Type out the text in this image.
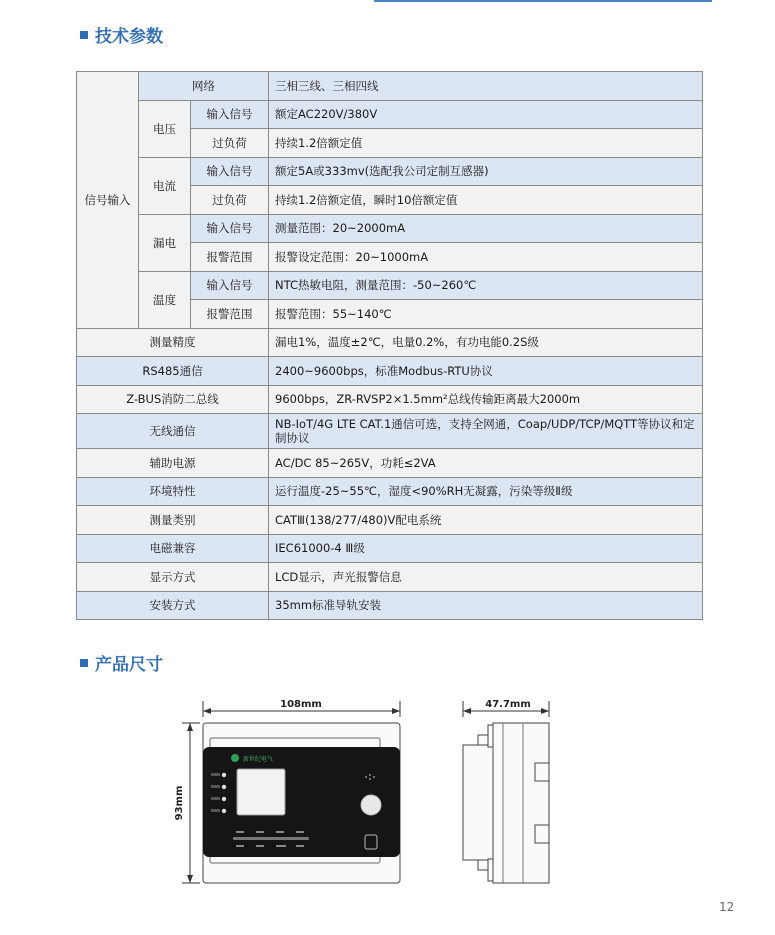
技术参数
信号输入	网络		三相三线、三相四线
	电压	输入信号	额定AC220V/380V
		过负荷	持续1.2倍额定值
	电流	输入信号	额定5A或333mv(选配我公司定制互感器)
		过负荷	持续1.2倍额定值，瞬时10倍额定值
	漏电	输入信号	测量范围：20~2000mA
		报警范围	报警设定范围：20~1000mA
	温度	输入信号	NTC热敏电阻，测量范围：-50~260℃
		报警范围	报警范围：55~140℃
测量精度			漏电1%，温度±2℃，电量0.2%，有功电能0.2S级
RS485通信			2400~9600bps，标准Modbus-RTU协议
Z-BUS消防二总线			9600bps，ZR-RVSP2×1.5mm²总线传输距离最大2000m
无线通信			NB-IoT/4G LTE CAT.1通信可选，支持全网通，Coap/UDP/TCP/MQTT等协议和定制协议
辅助电源			AC/DC 85~265V，功耗≤2VA
环境特性			运行温度-25~55℃，湿度<90%RH无凝露，污染等级Ⅱ级
测量类别			CATⅢ(138/277/480)V配电系统
电磁兼容			IEC61000-4 Ⅲ级
显示方式			LCD显示，声光报警信息
安装方式			35mm标准导轨安装
产品尺寸
108mm
93mm
新世纪电气
47.7mm
12
